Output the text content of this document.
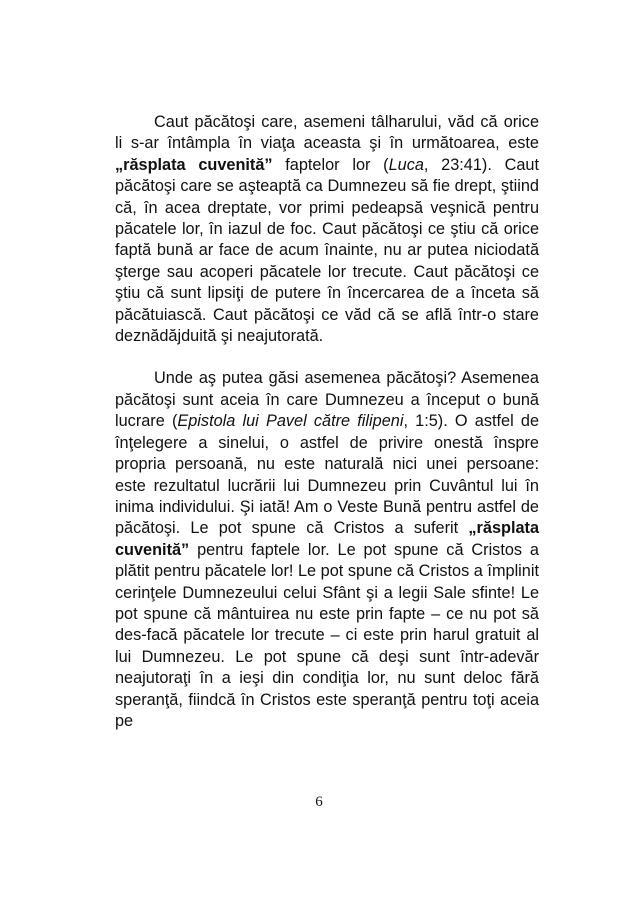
Caut păcătoşi care, asemeni tâlharului, văd că orice li s-ar întâmpla în viaţa aceasta şi în următoarea, este „răsplata cuvenită” faptelor lor (Luca, 23:41). Caut păcătoşi care se aşteaptă ca Dumnezeu să fie drept, ştiind că, în acea dreptate, vor primi pedeapsă veşnică pentru păcatele lor, în iazul de foc. Caut păcătoşi ce ştiu că orice faptă bună ar face de acum înainte, nu ar putea niciodată şterge sau acoperi păcatele lor trecute. Caut păcătoşi ce ştiu că sunt lipsiţi de putere în încercarea de a înceta să păcătuiască. Caut păcătoşi ce văd că se află într-o stare deznădăjduită şi neajutorată.

Unde aş putea găsi asemenea păcătoşi? Asemenea păcătoşi sunt aceia în care Dumnezeu a început o bună lucrare (Epistola lui Pavel către filipeni, 1:5). O astfel de înţelegere a sinelui, o astfel de privire onestă înspre propria persoană, nu este naturală nici unei persoane: este rezultatul lucrării lui Dumnezeu prin Cuvântul lui în inima individului. Şi iată! Am o Veste Bună pentru astfel de păcătoşi. Le pot spune că Cristos a suferit „răsplata cuvenită” pentru faptele lor. Le pot spune că Cristos a plătit pentru păcatele lor! Le pot spune că Cristos a împlinit cerinţele Dumnezeului celui Sfânt şi a legii Sale sfinte! Le pot spune că mântuirea nu este prin fapte – ce nu pot să des-facă păcatele lor trecute – ci este prin harul gratuit al lui Dumnezeu. Le pot spune că deşi sunt într-adevăr neajutoraţi în a ieşi din condiţia lor, nu sunt deloc fără speranţă, fiindcă în Cristos este speranţă pentru toţi aceia pe

6
